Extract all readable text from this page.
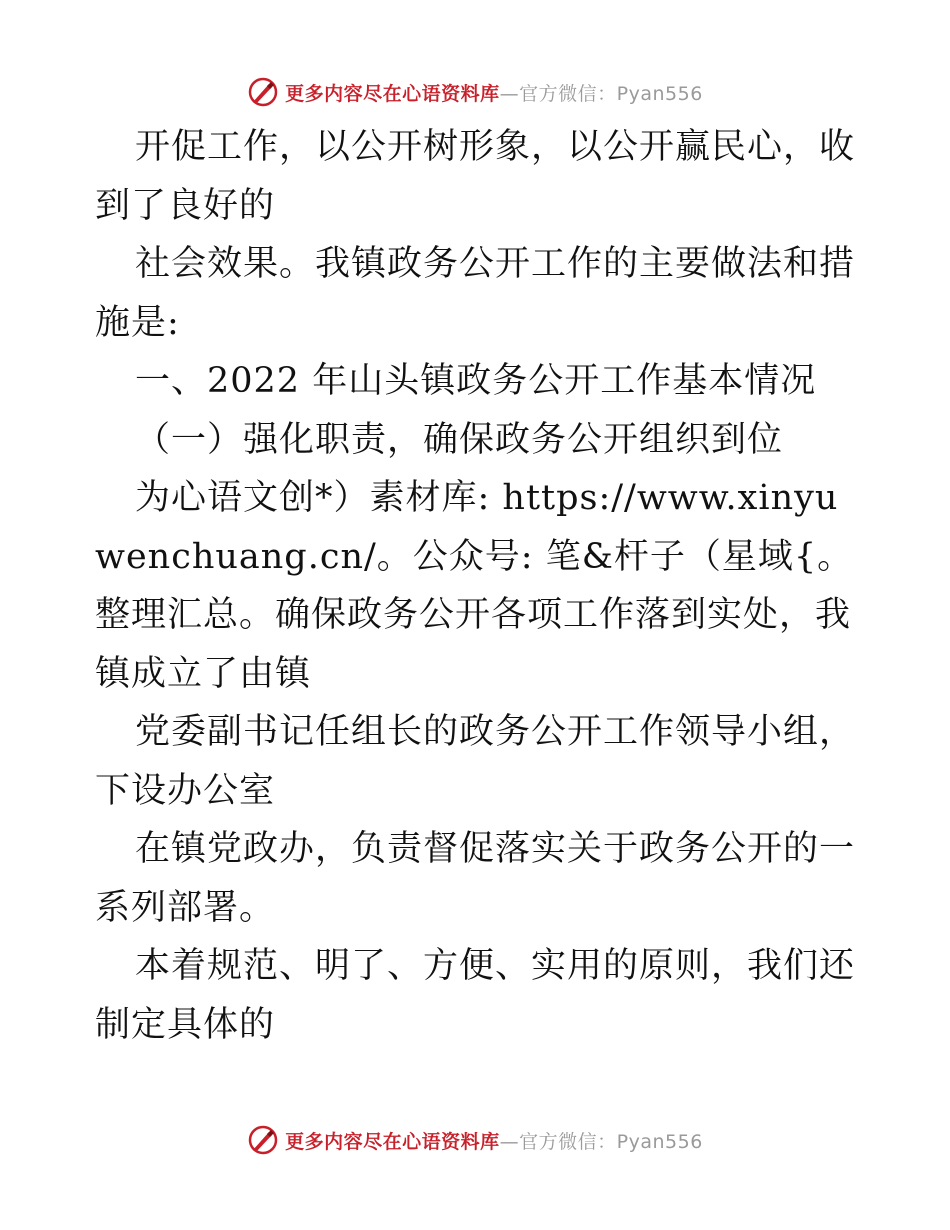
更多内容尽在心语资料库 —官方微信：Pyan556

开促工作，以公开树形象，以公开赢民心，收到了良好的

社会效果。我镇政务公开工作的主要做法和措施是:

一、2022 年山头镇政务公开工作基本情况

（一）强化职责，确保政务公开组织到位

为心语文创*）素材库: https://www.xinyuwenchuang.cn/。公众号: 笔&杆子（星域{。整理汇总。确保政务公开各项工作落到实处，我镇成立了由镇

党委副书记任组长的政务公开工作领导小组，下设办公室

在镇党政办，负责督促落实关于政务公开的一系列部署。

本着规范、明了、方便、实用的原则，我们还制定具体的

更多内容尽在心语资料库 —官方微信：Pyan556
